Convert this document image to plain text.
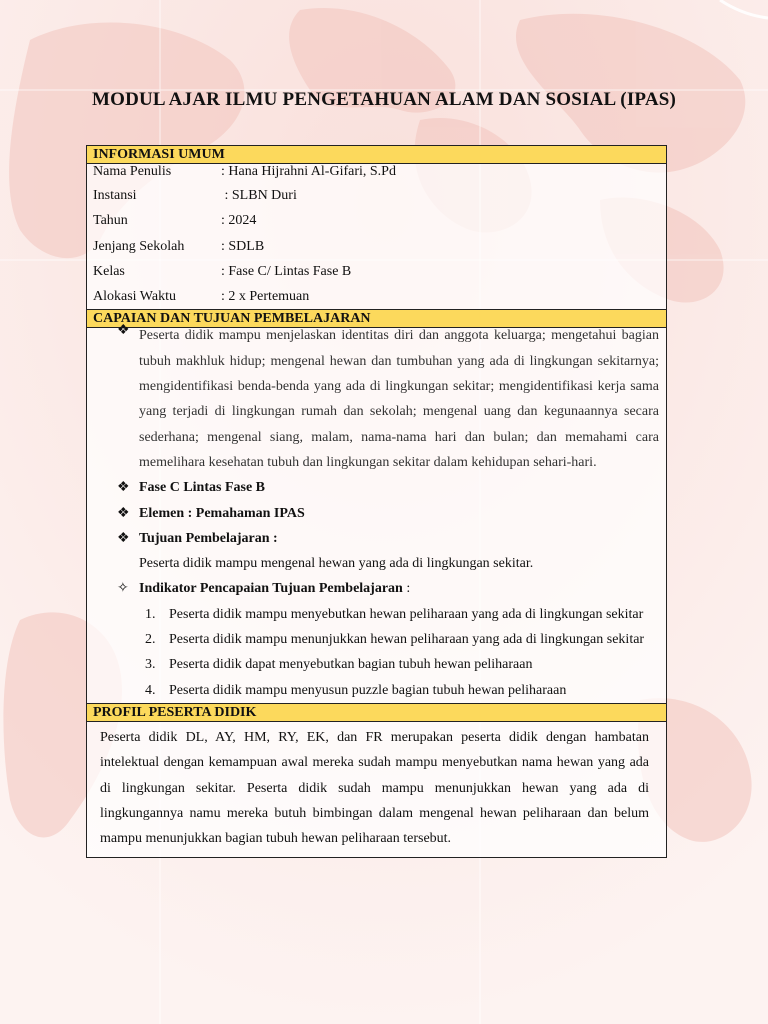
MODUL AJAR ILMU PENGETAHUAN ALAM DAN SOSIAL (IPAS)
INFORMASI UMUM
Nama Penulis	: Hana Hijrahni Al-Gifari, S.Pd
Instansi	: SLBN Duri
Tahun	: 2024
Jenjang Sekolah	: SDLB
Kelas	: Fase C/ Lintas Fase B
Alokasi Waktu	: 2 x Pertemuan
CAPAIAN DAN TUJUAN PEMBELAJARAN
❖ Peserta didik mampu menjelaskan identitas diri dan anggota keluarga; mengetahui bagian tubuh makhluk hidup; mengenal hewan dan tumbuhan yang ada di lingkungan sekitarnya; mengidentifikasi benda-benda yang ada di lingkungan sekitar; mengidentifikasi kerja sama yang terjadi di lingkungan rumah dan sekolah; mengenal uang dan kegunaannya secara sederhana; mengenal siang, malam, nama-nama hari dan bulan; dan memahami cara memelihara kesehatan tubuh dan lingkungan sekitar dalam kehidupan sehari-hari.
❖ Fase C Lintas Fase B
❖ Elemen : Pemahaman IPAS
❖ Tujuan Pembelajaran :
Peserta didik mampu mengenal hewan yang ada di lingkungan sekitar.
✧ Indikator Pencapaian Tujuan Pembelajaran :
1. Peserta didik mampu menyebutkan hewan peliharaan yang ada di lingkungan sekitar
2. Peserta didik mampu menunjukkan hewan peliharaan yang ada di lingkungan sekitar
3. Peserta didik dapat menyebutkan bagian tubuh hewan peliharaan
4. Peserta didik mampu menyusun puzzle bagian tubuh hewan peliharaan
PROFIL PESERTA DIDIK
Peserta didik DL, AY, HM, RY, EK, dan FR merupakan peserta didik dengan hambatan intelektual dengan kemampuan awal mereka sudah mampu menyebutkan nama hewan yang ada di lingkungan sekitar. Peserta didik sudah mampu menunjukkan hewan yang ada di lingkungannya namu mereka butuh bimbingan dalam mengenal hewan peliharaan dan belum mampu menunjukkan bagian tubuh hewan peliharaan tersebut.
